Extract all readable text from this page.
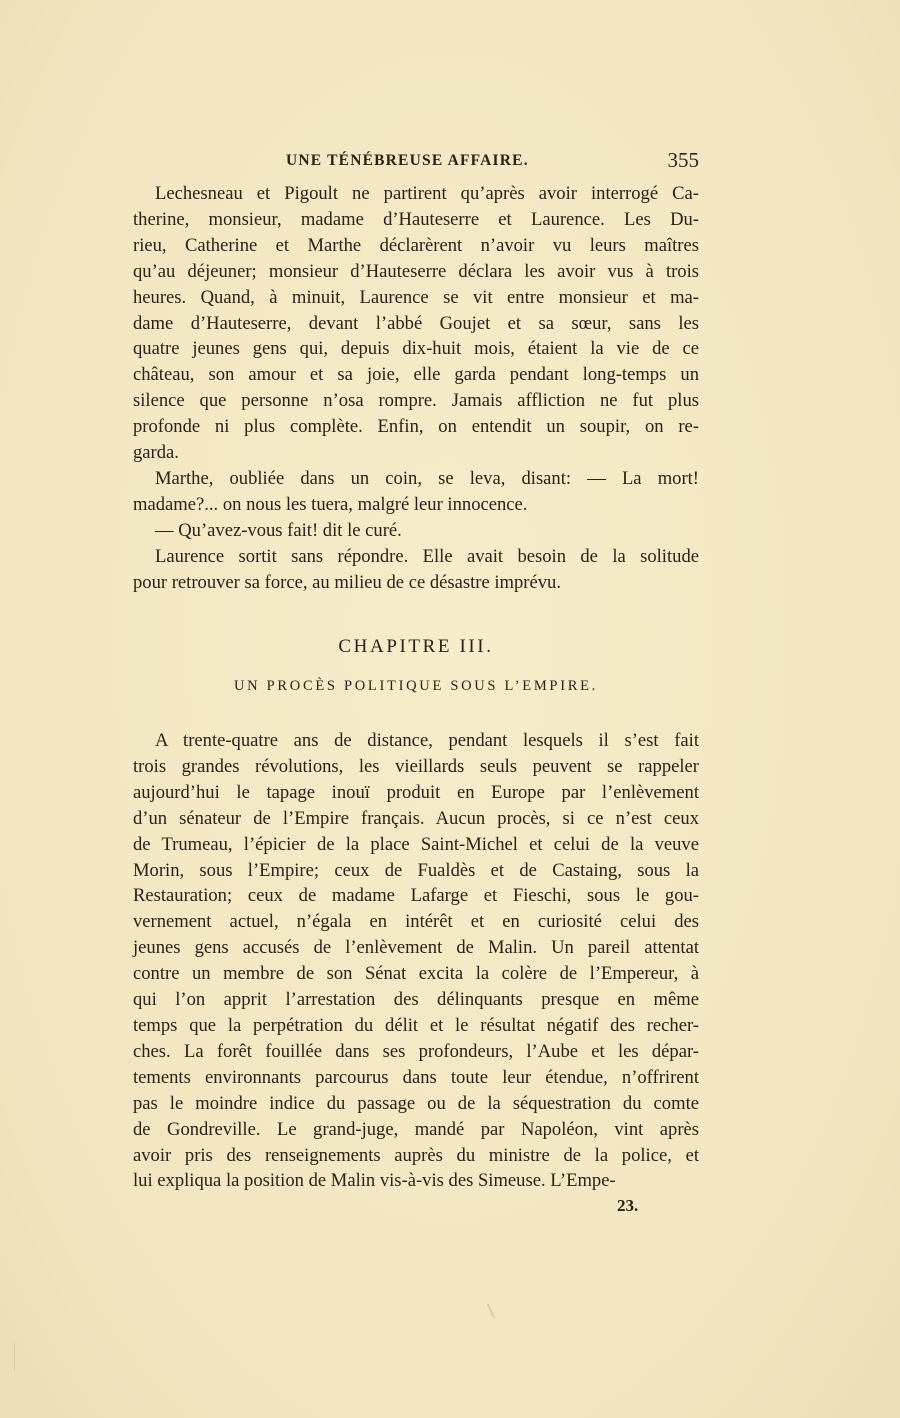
UNE TÉNÉBREUSE AFFAIRE.	355

Lechesneau et Pigoult ne partirent qu’après avoir interrogé Ca-

therine, monsieur, madame d’Hauteserre et Laurence. Les Du-

rieu, Catherine et Marthe déclarèrent n’avoir vu leurs maîtres

qu’au déjeuner; monsieur d’Hauteserre déclara les avoir vus à trois

heures. Quand, à minuit, Laurence se vit entre monsieur et ma-

dame d’Hauteserre, devant l’abbé Goujet et sa sœur, sans les

quatre jeunes gens qui, depuis dix-huit mois, étaient la vie de ce

château, son amour et sa joie, elle garda pendant long-temps un

silence que personne n’osa rompre. Jamais affliction ne fut plus

profonde ni plus complète. Enfin, on entendit un soupir, on re-

garda.

Marthe, oubliée dans un coin, se leva, disant: — La mort!

madame?... on nous les tuera, malgré leur innocence.

— Qu’avez-vous fait! dit le curé.

Laurence sortit sans répondre. Elle avait besoin de la solitude

pour retrouver sa force, au milieu de ce désastre imprévu.

CHAPITRE III.
UN PROCÈS POLITIQUE SOUS L’EMPIRE.

A trente-quatre ans de distance, pendant lesquels il s’est fait

trois grandes révolutions, les vieillards seuls peuvent se rappeler

aujourd’hui le tapage inouï produit en Europe par l’enlèvement

d’un sénateur de l’Empire français. Aucun procès, si ce n’est ceux

de Trumeau, l’épicier de la place Saint-Michel et celui de la veuve

Morin, sous l’Empire; ceux de Fualdès et de Castaing, sous la

Restauration; ceux de madame Lafarge et Fieschi, sous le gou-

vernement actuel, n’égala en intérêt et en curiosité celui des

jeunes gens accusés de l’enlèvement de Malin. Un pareil attentat

contre un membre de son Sénat excita la colère de l’Empereur, à

qui l’on apprit l’arrestation des délinquants presque en même

temps que la perpétration du délit et le résultat négatif des recher-

ches. La forêt fouillée dans ses profondeurs, l’Aube et les dépar-

tements environnants parcourus dans toute leur étendue, n’offrirent

pas le moindre indice du passage ou de la séquestration du comte

de Gondreville. Le grand-juge, mandé par Napoléon, vint après

avoir pris des renseignements auprès du ministre de la police, et

lui expliqua la position de Malin vis-à-vis des Simeuse. L’Empe-

23.
